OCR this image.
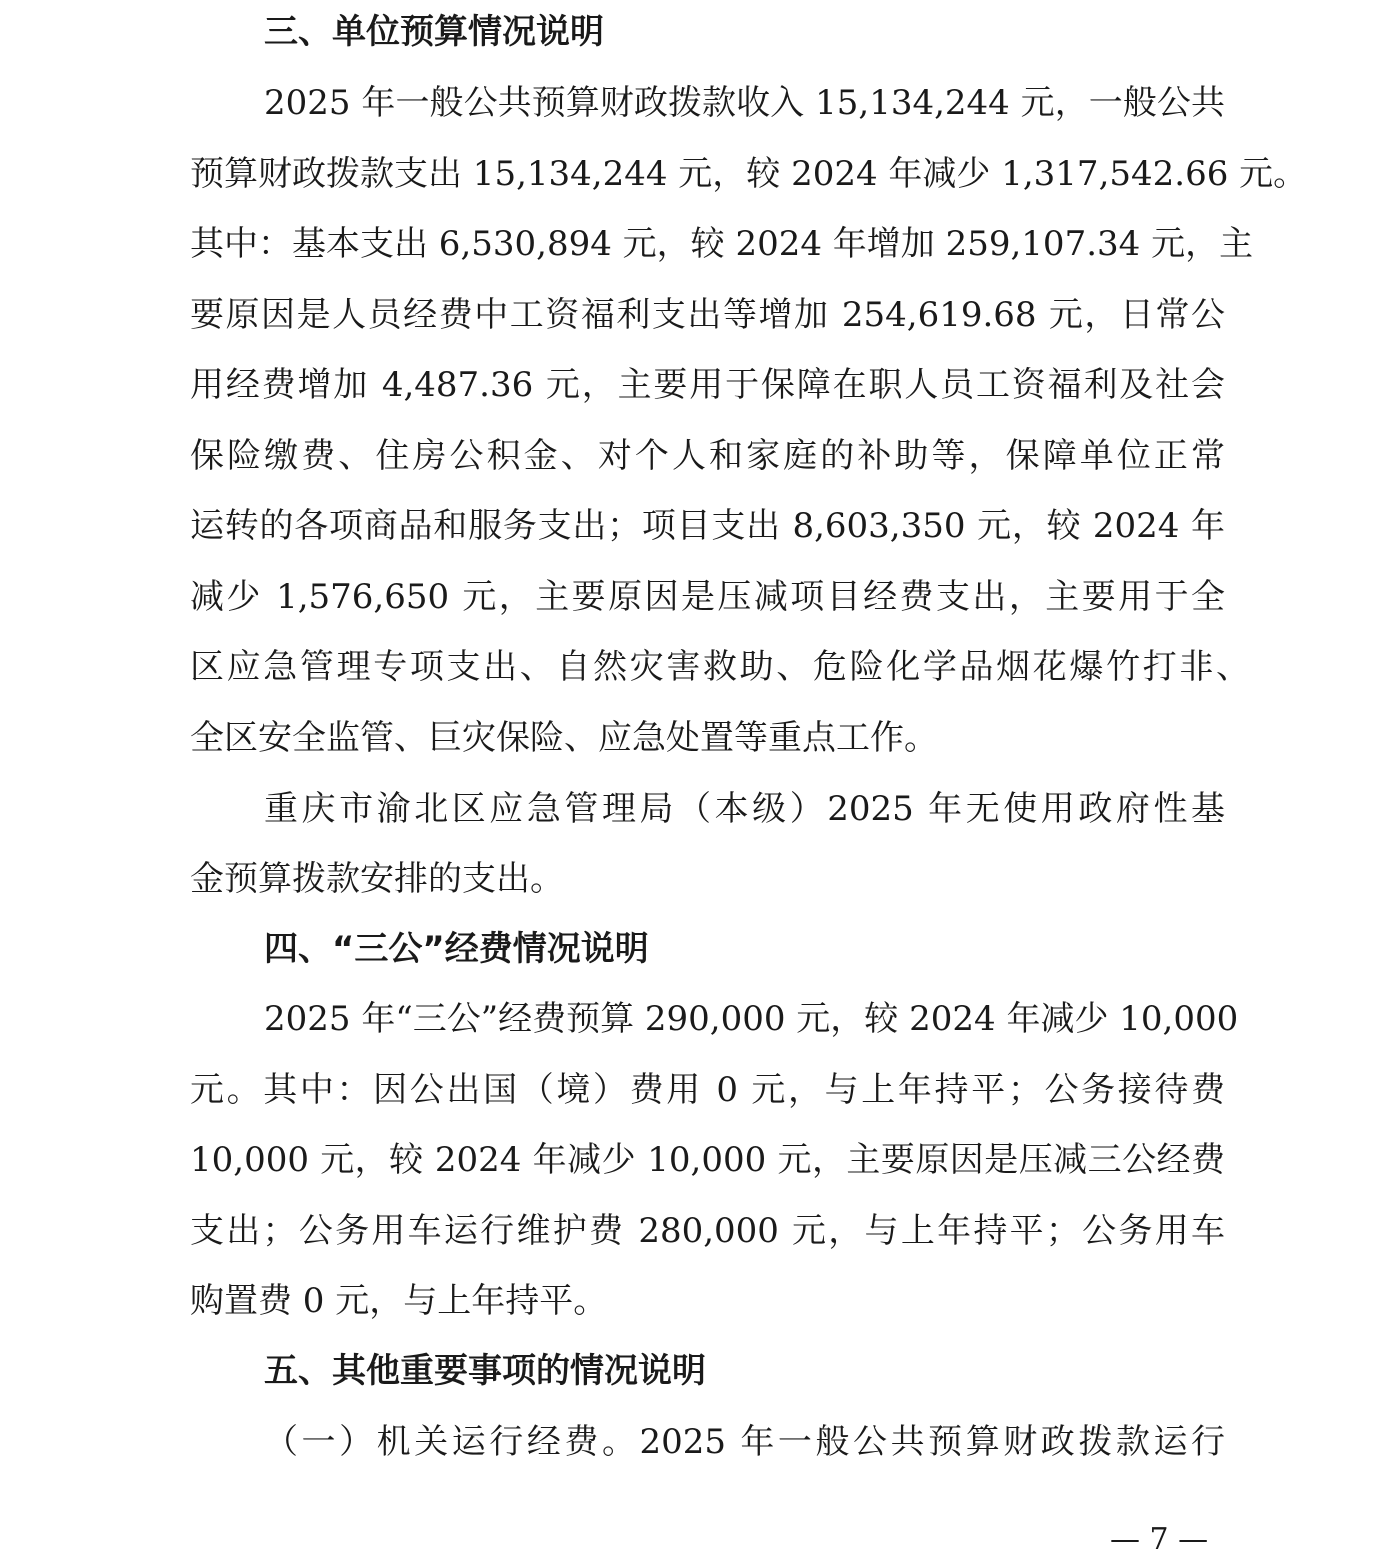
三、单位预算情况说明
2025 年一般公共预算财政拨款收入 15,134,244 元，一般公共
预算财政拨款支出 15,134,244 元，较 2024 年减少 1,317,542.66 元。
其中：基本支出 6,530,894 元，较 2024 年增加 259,107.34 元，主
要原因是人员经费中工资福利支出等增加 254,619.68 元，日常公
用经费增加 4,487.36 元，主要用于保障在职人员工资福利及社会
保险缴费、住房公积金、对个人和家庭的补助等，保障单位正常
运转的各项商品和服务支出；项目支出 8,603,350 元，较 2024 年
减少 1,576,650 元，主要原因是压减项目经费支出，主要用于全
区应急管理专项支出、自然灾害救助、危险化学品烟花爆竹打非、
全区安全监管、巨灾保险、应急处置等重点工作。
重庆市渝北区应急管理局（本级）2025 年无使用政府性基
金预算拨款安排的支出。
四、“三公”经费情况说明
2025 年“三公”经费预算 290,000 元，较 2024 年减少 10,000
元。其中：因公出国（境）费用 0 元，与上年持平；公务接待费
10,000 元，较 2024 年减少 10,000 元，主要原因是压减三公经费
支出；公务用车运行维护费 280,000 元，与上年持平；公务用车
购置费 0 元，与上年持平。
五、其他重要事项的情况说明
（一）机关运行经费。2025 年一般公共预算财政拨款运行
— 7 —
